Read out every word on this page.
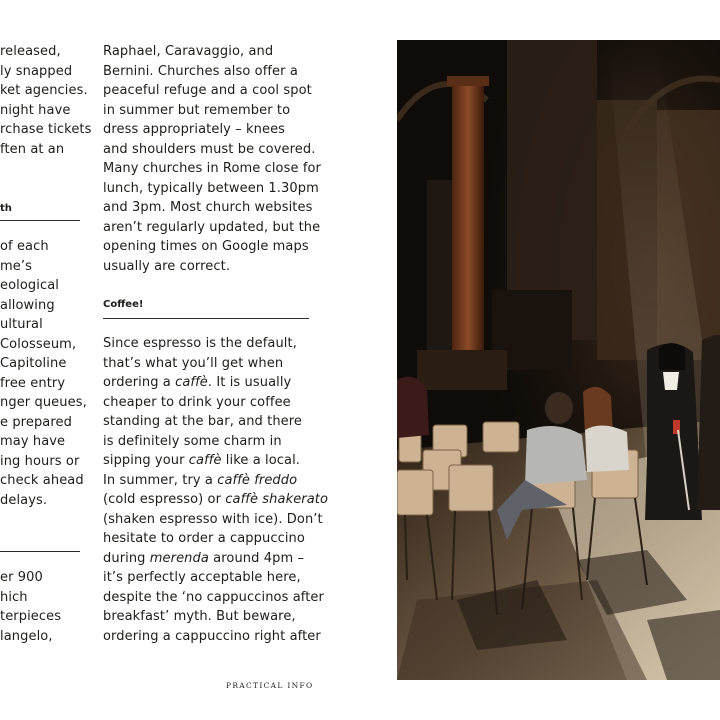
released,
ly snapped
ket agencies.
night have
rchase tickets
ften at an
th
of each
me’s
eological
allowing
ultural
Colosseum,
Capitoline
free entry
nger queues,
e prepared
may have
ing hours or
check ahead
delays.
er 900
hich
terpieces
langelo,
Raphael, Caravaggio, and
Bernini. Churches also offer a
peaceful refuge and a cool spot
in summer but remember to
dress appropriately – knees
and shoulders must be covered.
Many churches in Rome close for
lunch, typically between 1.30pm
and 3pm. Most church websites
aren’t regularly updated, but the
opening times on Google maps
usually are correct.
Coffee!
Since espresso is the default,
that’s what you’ll get when
ordering a caffè. It is usually
cheaper to drink your coffee
standing at the bar, and there
is definitely some charm in
sipping your caffè like a local.
In summer, try a caffè freddo
(cold espresso) or caffè shakerato
(shaken espresso with ice). Don’t
hesitate to order a cappuccino
during merenda around 4pm –
it’s perfectly acceptable here,
despite the ‘no cappuccinos after
breakfast’ myth. But beware,
ordering a cappuccino right after
PRACTICAL INFO
